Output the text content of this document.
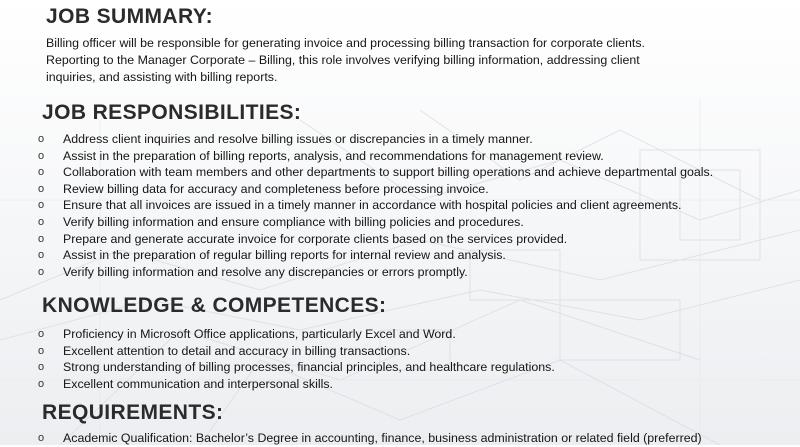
JOB SUMMARY:

Billing officer will be responsible for generating invoice and processing billing transaction for corporate clients.
Reporting to the Manager Corporate – Billing, this role involves verifying billing information, addressing client
inquiries, and assisting with billing reports.

JOB RESPONSIBILITIES:
o Address client inquiries and resolve billing issues or discrepancies in a timely manner.
o Assist in the preparation of billing reports, analysis, and recommendations for management review.
o Collaboration with team members and other departments to support billing operations and achieve departmental goals.
o Review billing data for accuracy and completeness before processing invoice.
o Ensure that all invoices are issued in a timely manner in accordance with hospital policies and client agreements.
o Verify billing information and ensure compliance with billing policies and procedures.
o Prepare and generate accurate invoice for corporate clients based on the services provided.
o Assist in the preparation of regular billing reports for internal review and analysis.
o Verify billing information and resolve any discrepancies or errors promptly.
KNOWLEDGE & COMPETENCES:
o Proficiency in Microsoft Office applications, particularly Excel and Word.
o Excellent attention to detail and accuracy in billing transactions.
o Strong understanding of billing processes, financial principles, and healthcare regulations.
o Excellent communication and interpersonal skills.
REQUIREMENTS:
o Academic Qualification: Bachelor’s Degree in accounting, finance, business administration or related field (preferred)
